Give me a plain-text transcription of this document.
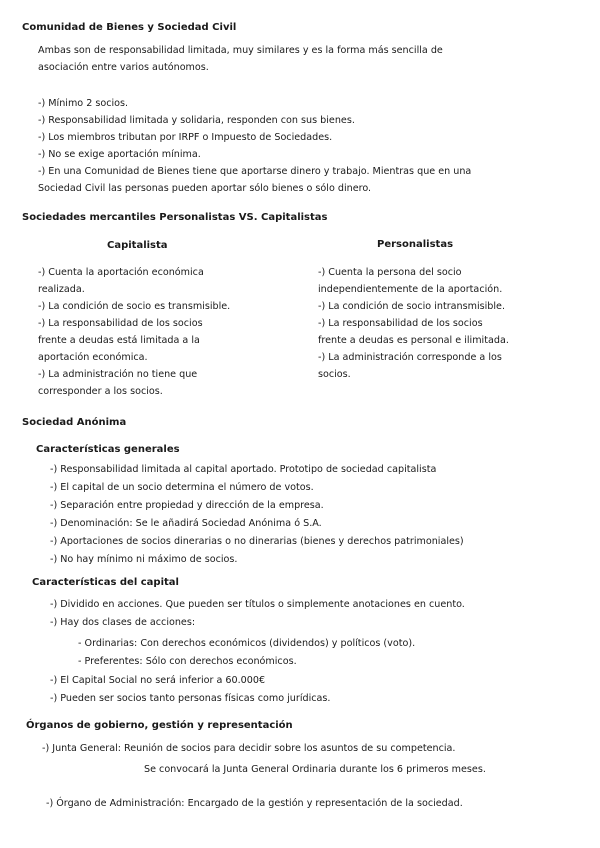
Comunidad de Bienes y Sociedad Civil
Ambas son de responsabilidad limitada, muy similares y es la forma más sencilla de
asociación entre varios autónomos.
-) Mínimo 2 socios.
-) Responsabilidad limitada y solidaria, responden con sus bienes.
-) Los miembros tributan por IRPF o Impuesto de Sociedades.
-) No se exige aportación mínima.
-) En una Comunidad de Bienes tiene que aportarse dinero y trabajo. Mientras que en una
Sociedad Civil las personas pueden aportar sólo bienes o sólo dinero.
Sociedades mercantiles Personalistas VS. Capitalistas
Capitalista	Personalistas
-) Cuenta la aportación económica
realizada.
-) La condición de socio es transmisible.
-) La responsabilidad de los socios
frente a deudas está limitada a la
aportación económica.
-) La administración no tiene que
corresponder a los socios.
-) Cuenta la persona del socio
independientemente de la aportación.
-) La condición de socio intransmisible.
-) La responsabilidad de los socios
frente a deudas es personal e ilimitada.
-) La administración corresponde a los
socios.
Sociedad Anónima
Características generales
-) Responsabilidad limitada al capital aportado. Prototipo de sociedad capitalista
-) El capital de un socio determina el número de votos.
-) Separación entre propiedad y dirección de la empresa.
-) Denominación: Se le añadirá Sociedad Anónima ó S.A.
-) Aportaciones de socios dinerarias o no dinerarias (bienes y derechos patrimoniales)
-) No hay mínimo ni máximo de socios.
Características del capital
-) Dividido en acciones. Que pueden ser títulos o simplemente anotaciones en cuento.
-) Hay dos clases de acciones:
- Ordinarias: Con derechos económicos (dividendos) y políticos (voto).
- Preferentes: Sólo con derechos económicos.
-) El Capital Social no será inferior a 60.000€
-) Pueden ser socios tanto personas físicas como jurídicas.
Órganos de gobierno, gestión y representación
-) Junta General: Reunión de socios para decidir sobre los asuntos de su competencia.
Se convocará la Junta General Ordinaria durante los 6 primeros meses.
-) Órgano de Administración: Encargado de la gestión y representación de la sociedad.
